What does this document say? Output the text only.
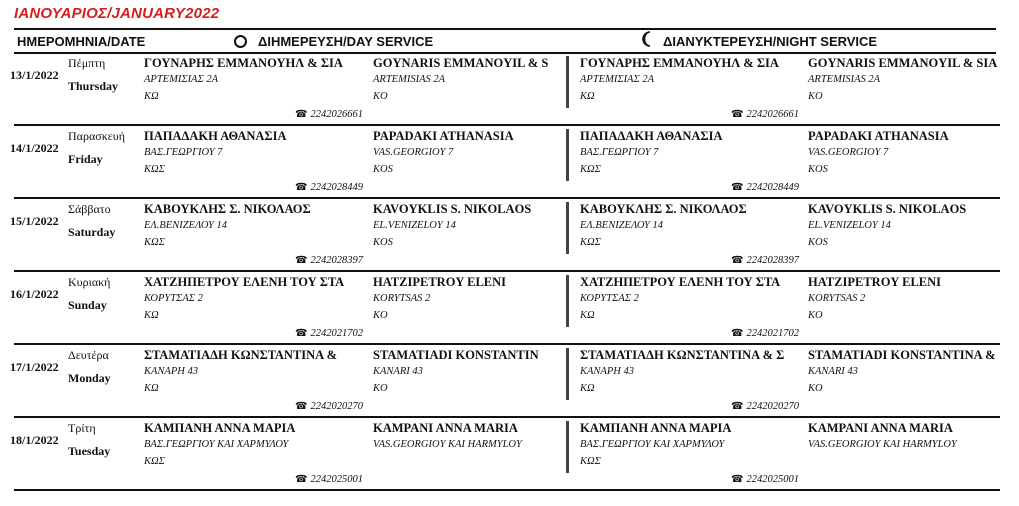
ΙΑΝΟΥΑΡΙΟΣ/JANUARY2022
ΗΜΕΡΟΜΗΝΙΑ/DATE	ΔΙΗΜΕΡΕΥΣΗ/DAY SERVICE	ΔΙΑΝΥΚΤΕΡΕΥΣΗ/NIGHT SERVICE
13/1/2022
Πέμπτη
Thursday
ΓΟΥΝΑΡΗΣ ΕΜΜΑΝΟΥΗΛ & ΣΙΑ
ΑΡΤΕΜΙΣΙΑΣ 2Α
ΚΩ
GOYNARIS EMMANOYIL & S
ARTEMISIAS 2A
KO
☎ 2242026661
ΓΟΥΝΑΡΗΣ ΕΜΜΑΝΟΥΗΛ & ΣΙΑ
ΑΡΤΕΜΙΣΙΑΣ 2Α
ΚΩ
GOYNARIS EMMANOYIL & SIA
ARTEMISIAS 2A
KO
☎ 2242026661
14/1/2022
Παρασκευή
Friday
ΠΑΠΑΔΑΚΗ ΑΘΑΝΑΣΙΑ
ΒΑΣ.ΓΕΩΡΓΙΟΥ 7
ΚΩΣ
PAPADAKI ATHANASIA
VAS.GEORGIOY 7
KOS
☎ 2242028449
ΠΑΠΑΔΑΚΗ ΑΘΑΝΑΣΙΑ
ΒΑΣ.ΓΕΩΡΓΙΟΥ 7
ΚΩΣ
PAPADAKI ATHANASIA
VAS.GEORGIOY 7
KOS
☎ 2242028449
15/1/2022
Σάββατο
Saturday
ΚΑΒΟΥΚΛΗΣ Σ. ΝΙΚΟΛΑΟΣ
ΕΛ.ΒΕΝΙΖΕΛΟΥ 14
ΚΩΣ
KAVOYKLIS S. NIKOLAOS
EL.VENIZELOY 14
KOS
☎ 2242028397
ΚΑΒΟΥΚΛΗΣ Σ. ΝΙΚΟΛΑΟΣ
ΕΛ.ΒΕΝΙΖΕΛΟΥ 14
ΚΩΣ
KAVOYKLIS S. NIKOLAOS
EL.VENIZELOY 14
KOS
☎ 2242028397
16/1/2022
Κυριακή
Sunday
ΧΑΤΖΗΠΕΤΡΟΥ ΕΛΕΝΗ ΤΟΥ ΣΤΑ
ΚΟΡΥΤΣΑΣ 2
ΚΩ
HATZIPETROY ELENI
KORYTSAS 2
KO
☎ 2242021702
ΧΑΤΖΗΠΕΤΡΟΥ ΕΛΕΝΗ ΤΟΥ ΣΤΑ
ΚΟΡΥΤΣΑΣ 2
ΚΩ
HATZIPETROY ELENI
KORYTSAS 2
KO
☎ 2242021702
17/1/2022
Δευτέρα
Monday
ΣΤΑΜΑΤΙΑΔΗ ΚΩΝΣΤΑΝΤΙΝΑ &
ΚΑΝΑΡΗ 43
ΚΩ
STAMATIADI KONSTANTIN
KANARI 43
KO
☎ 2242020270
ΣΤΑΜΑΤΙΑΔΗ ΚΩΝΣΤΑΝΤΙΝΑ & Σ
ΚΑΝΑΡΗ 43
ΚΩ
STAMATIADI KONSTANTINA &
KANARI 43
KO
☎ 2242020270
18/1/2022
Τρίτη
Tuesday
ΚΑΜΠΑΝΗ ΑΝΝΑ ΜΑΡΙΑ
ΒΑΣ.ΓΕΩΡΓΙΟΥ ΚΑΙ ΧΑΡΜΥΛΟΥ
ΚΩΣ
KAMPANI ANNA MARIA
VAS.GEORGIOY KAI HARMYLOY
☎ 2242025001
ΚΑΜΠΑΝΗ ΑΝΝΑ ΜΑΡΙΑ
ΒΑΣ.ΓΕΩΡΓΙΟΥ ΚΑΙ ΧΑΡΜΥΛΟΥ
ΚΩΣ
KAMPANI ANNA MARIA
VAS.GEORGIOY KAI HARMYLOY
☎ 2242025001
